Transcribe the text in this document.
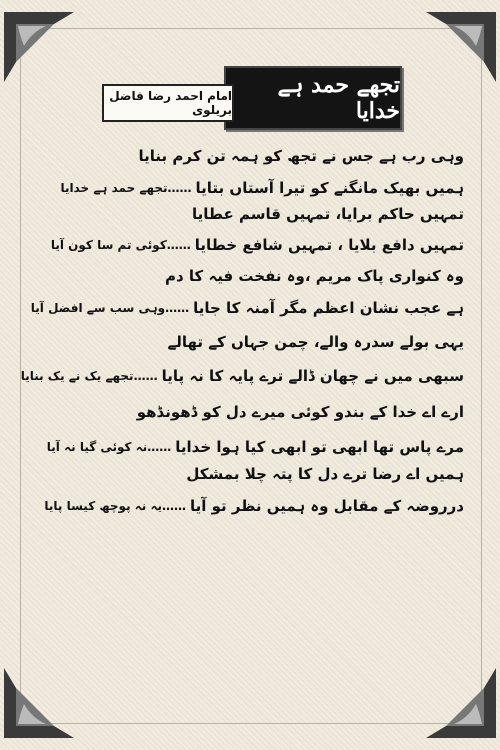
تجھے حمد ہے خدایا
امام احمد رضا فاضل بریلوی
وہی رب ہے جس نے تجھ کو ہمہ تن کرم بنایا
ہمیں بھیک مانگنے کو تیرا آستاں بتایا
……تجھے حمد ہے خدایا
تمہیں حاکم برایا، تمہیں قاسم عطایا
تمہیں دافع بلایا ، تمہیں شافع خطایا
……کوئی تم سا کون آیا
وہ کنواری پاک مریم ،وہ نفخت فیہ کا دم
ہے عجب نشان اعظم مگر آمنہ کا جایا
……وہی سب سے افضل آیا
یہی بولے سدرہ والے، چمن جہاں کے تھالے
سبھی میں نے چھان ڈالے ترے پایہ کا نہ پایا
……تجھے یک نے یک بنایا
ارے اے خدا کے بندو کوئی میرے دل کو ڈھونڈھو
مرے پاس تھا ابھی تو ابھی کیا ہوا خدایا
……نہ کوئی گیا نہ آیا
ہمیں اے رضا ترے دل کا پتہ چلا بمشکل
درروضہ کے مقابل وہ ہمیں نظر تو آیا
……یہ نہ پوچھ کیسا پایا
